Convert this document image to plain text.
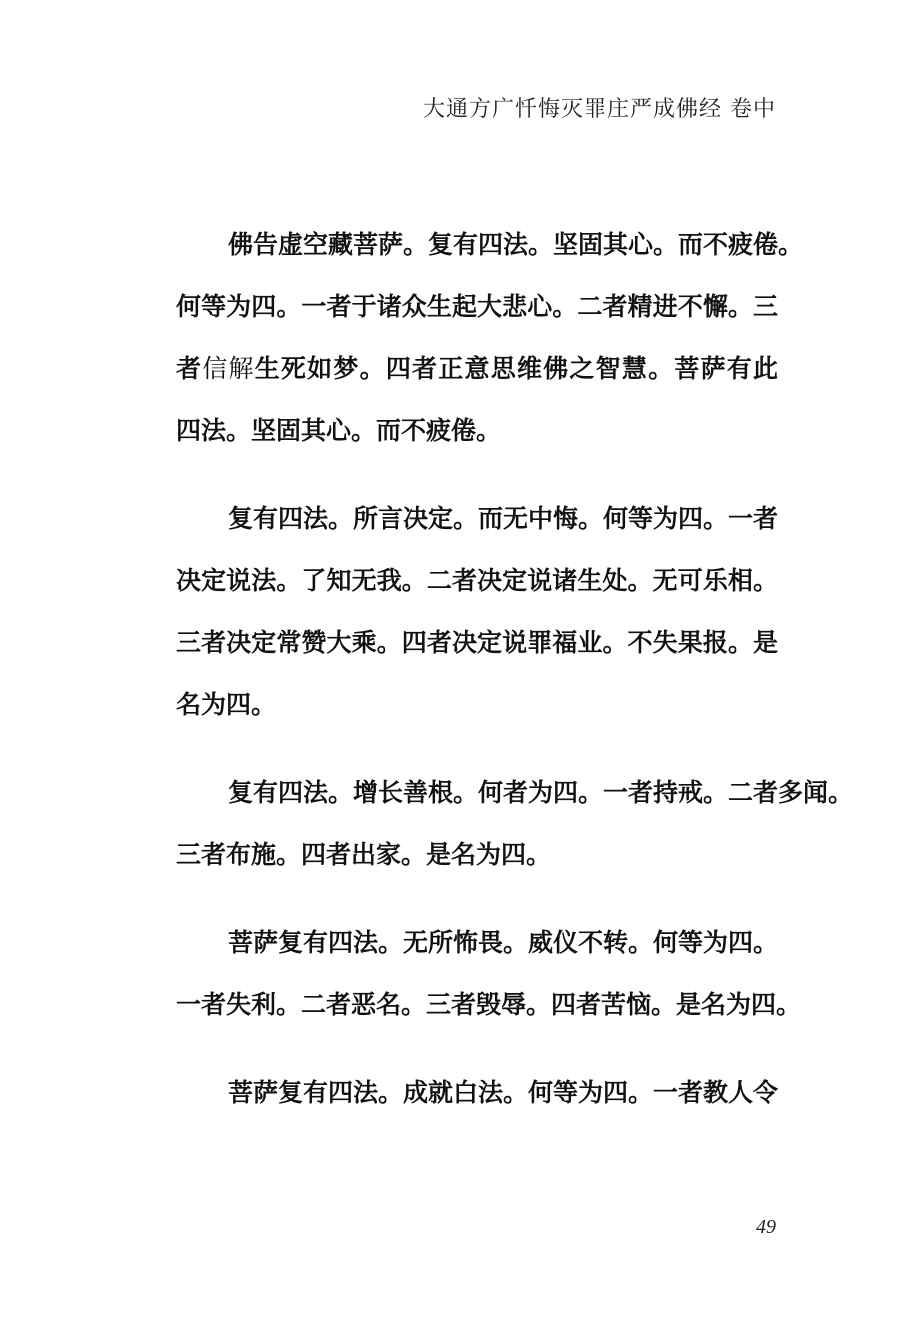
大通方广忏悔灭罪庄严成佛经 卷中
佛告虚空藏菩萨。复有四法。坚固其心。而不疲倦。
何等为四。一者于诸众生起大悲心。二者精进不懈。三
者信解生死如梦。四者正意思维佛之智慧。菩萨有此
四法。坚固其心。而不疲倦。
复有四法。所言决定。而无中悔。何等为四。一者
决定说法。了知无我。二者决定说诸生处。无可乐相。
三者决定常赞大乘。四者决定说罪福业。不失果报。是
名为四。
复有四法。增长善根。何者为四。一者持戒。二者多闻。
三者布施。四者出家。是名为四。
菩萨复有四法。无所怖畏。威仪不转。何等为四。
一者失利。二者恶名。三者毁辱。四者苦恼。是名为四。
菩萨复有四法。成就白法。何等为四。一者教人令
49
